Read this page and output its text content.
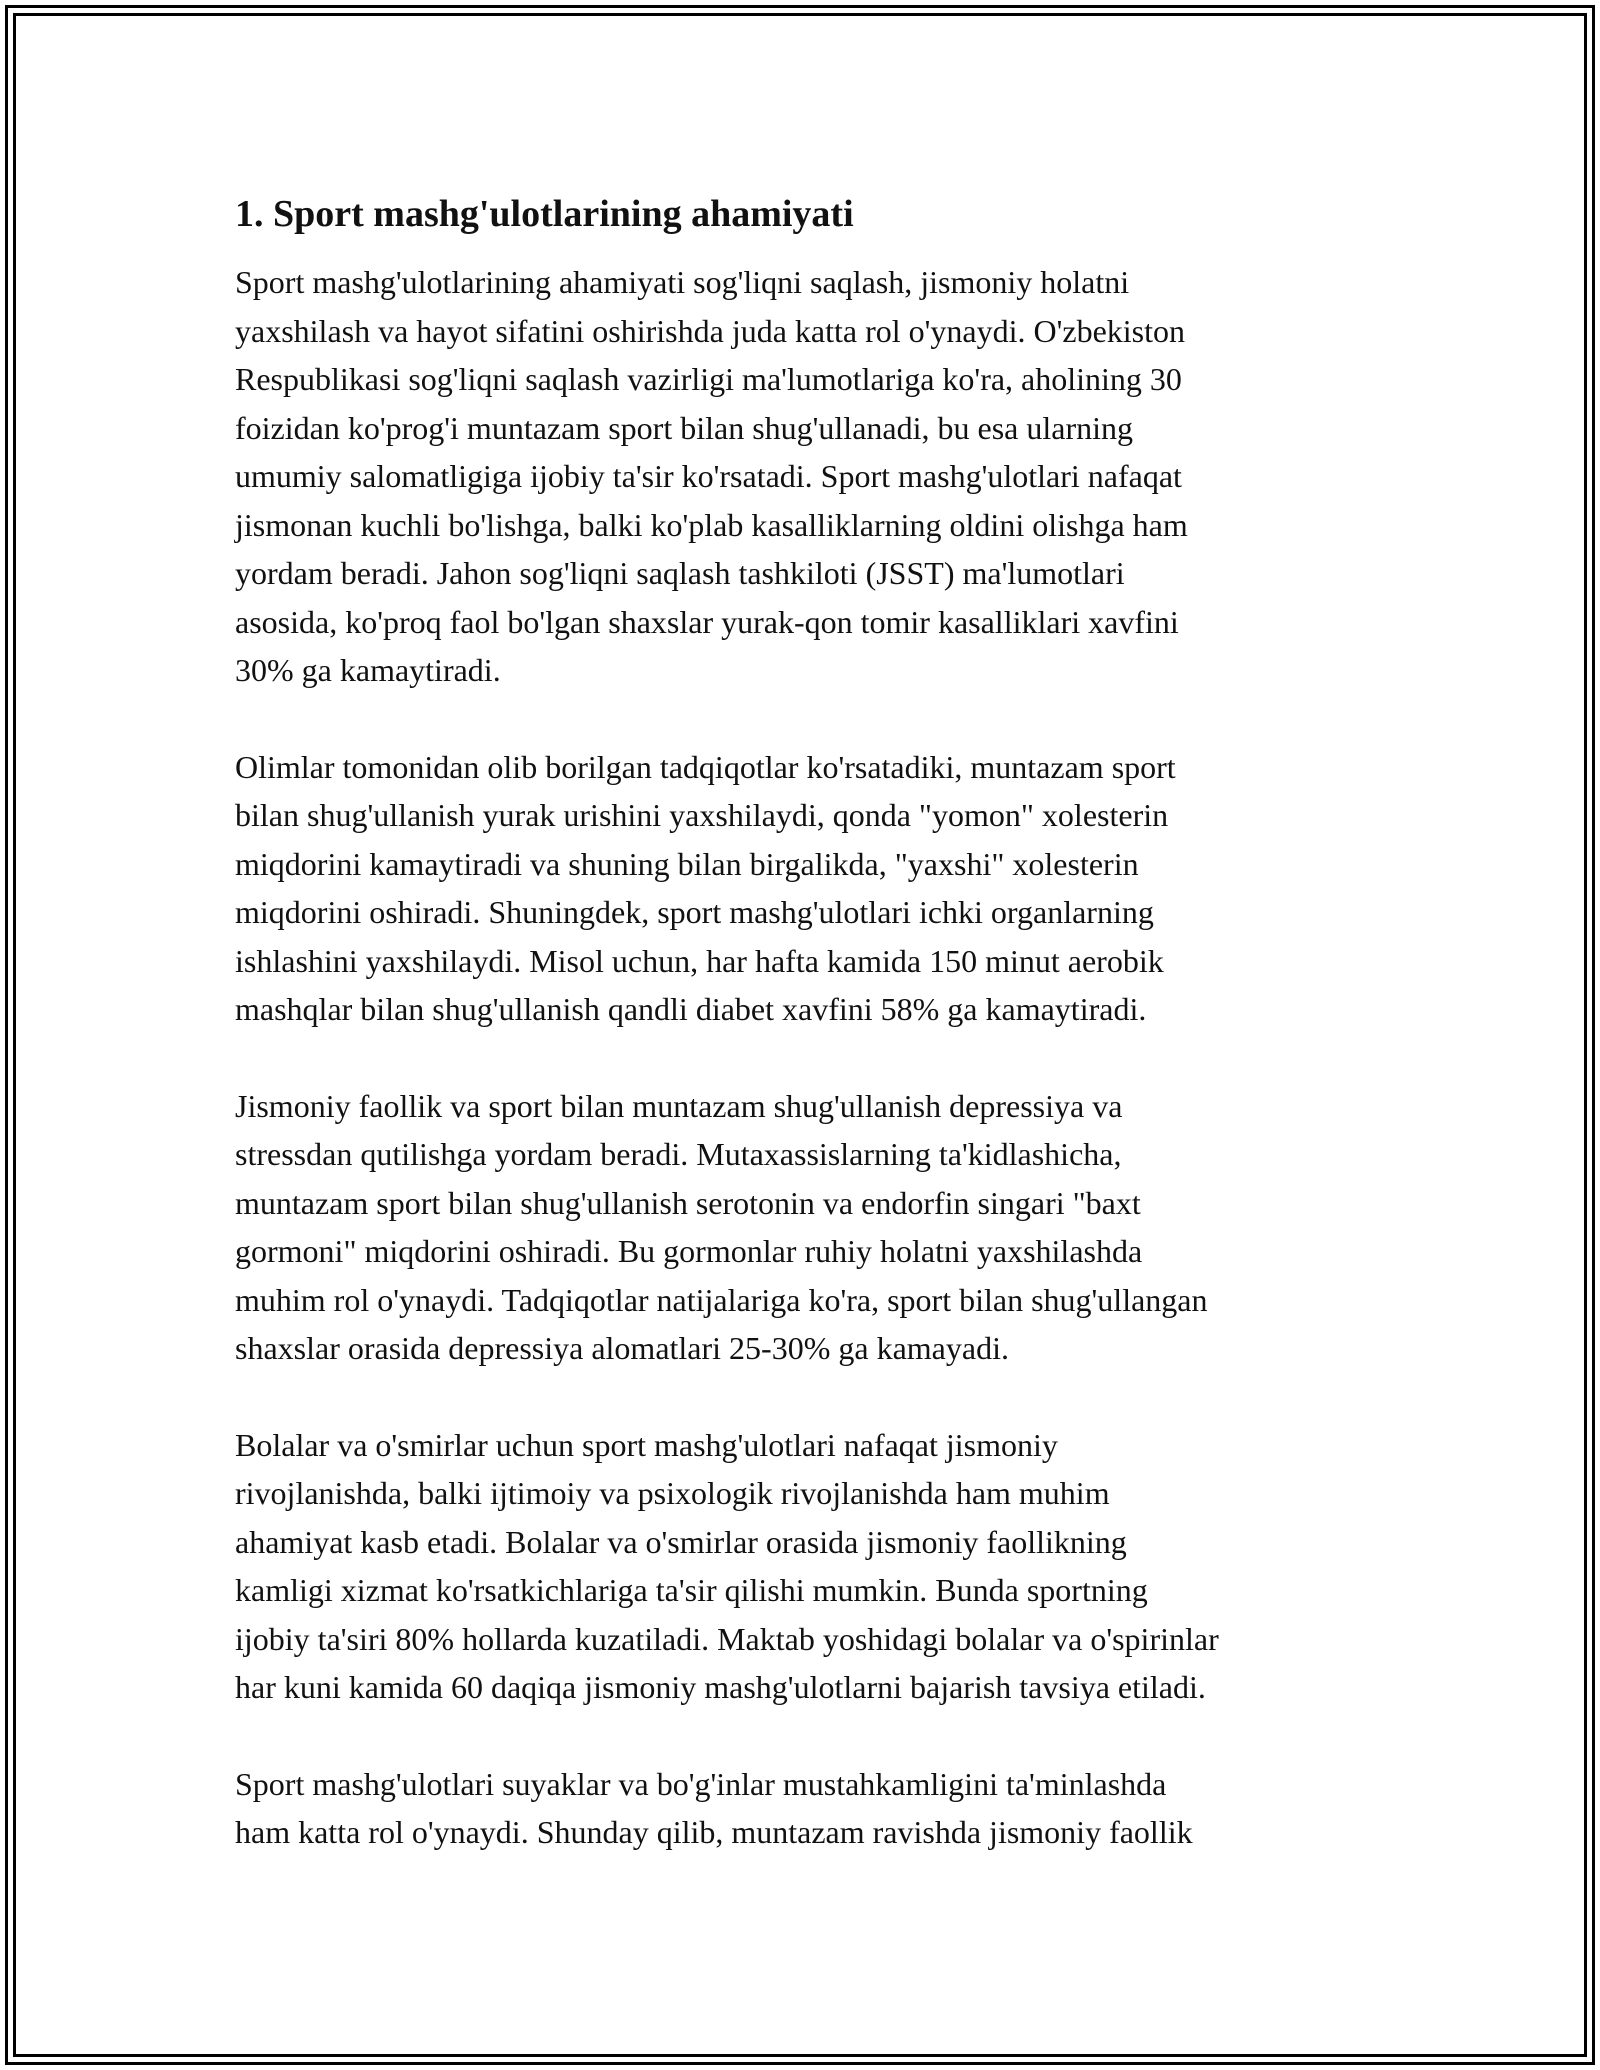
1. Sport mashg'ulotlarining ahamiyati

Sport mashg'ulotlarining ahamiyati sog'liqni saqlash, jismoniy holatni
yaxshilash va hayot sifatini oshirishda juda katta rol o'ynaydi. O'zbekiston
Respublikasi sog'liqni saqlash vazirligi ma'lumotlariga ko'ra, aholining 30
foizidan ko'prog'i muntazam sport bilan shug'ullanadi, bu esa ularning
umumiy salomatligiga ijobiy ta'sir ko'rsatadi. Sport mashg'ulotlari nafaqat
jismonan kuchli bo'lishga, balki ko'plab kasalliklarning oldini olishga ham
yordam beradi. Jahon sog'liqni saqlash tashkiloti (JSST) ma'lumotlari
asosida, ko'proq faol bo'lgan shaxslar yurak-qon tomir kasalliklari xavfini
30% ga kamaytiradi.

Olimlar tomonidan olib borilgan tadqiqotlar ko'rsatadiki, muntazam sport
bilan shug'ullanish yurak urishini yaxshilaydi, qonda "yomon" xolesterin
miqdorini kamaytiradi va shuning bilan birgalikda, "yaxshi" xolesterin
miqdorini oshiradi. Shuningdek, sport mashg'ulotlari ichki organlarning
ishlashini yaxshilaydi. Misol uchun, har hafta kamida 150 minut aerobik
mashqlar bilan shug'ullanish qandli diabet xavfini 58% ga kamaytiradi.

Jismoniy faollik va sport bilan muntazam shug'ullanish depressiya va
stressdan qutilishga yordam beradi. Mutaxassislarning ta'kidlashicha,
muntazam sport bilan shug'ullanish serotonin va endorfin singari "baxt
gormoni" miqdorini oshiradi. Bu gormonlar ruhiy holatni yaxshilashda
muhim rol o'ynaydi. Tadqiqotlar natijalariga ko'ra, sport bilan shug'ullangan
shaxslar orasida depressiya alomatlari 25-30% ga kamayadi.

Bolalar va o'smirlar uchun sport mashg'ulotlari nafaqat jismoniy
rivojlanishda, balki ijtimoiy va psixologik rivojlanishda ham muhim
ahamiyat kasb etadi. Bolalar va o'smirlar orasida jismoniy faollikning
kamligi xizmat ko'rsatkichlariga ta'sir qilishi mumkin. Bunda sportning
ijobiy ta'siri 80% hollarda kuzatiladi. Maktab yoshidagi bolalar va o'spirinlar
har kuni kamida 60 daqiqa jismoniy mashg'ulotlarni bajarish tavsiya etiladi.

Sport mashg'ulotlari suyaklar va bo'g'inlar mustahkamligini ta'minlashda
ham katta rol o'ynaydi. Shunday qilib, muntazam ravishda jismoniy faollik
